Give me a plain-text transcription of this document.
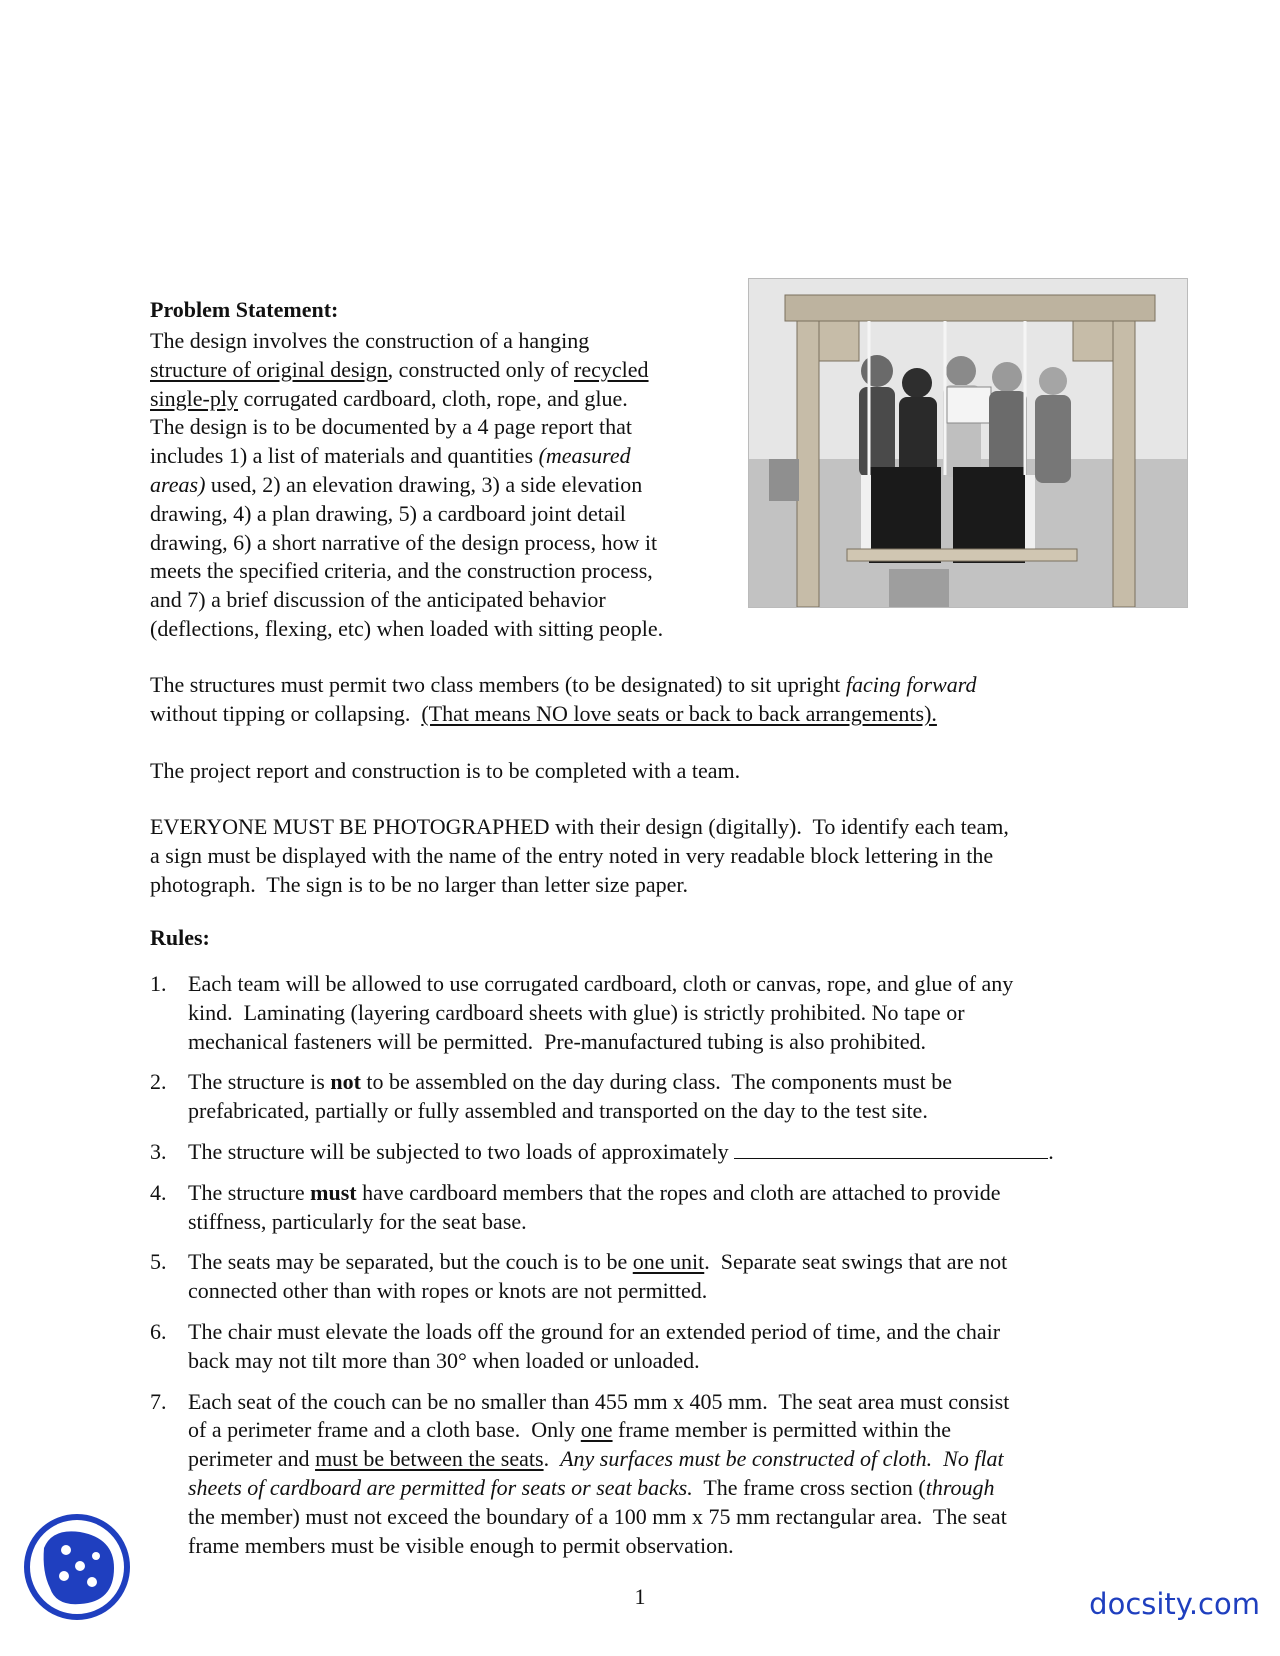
Problem Statement:

The design involves the construction of a hanging
structure of original design, constructed only of recycled
single-ply corrugated cardboard, cloth, rope, and glue.
The design is to be documented by a 4 page report that
includes 1) a list of materials and quantities (measured
areas) used, 2) an elevation drawing, 3) a side elevation
drawing, 4) a plan drawing, 5) a cardboard joint detail
drawing, 6) a short narrative of the design process, how it
meets the specified criteria, and the construction process,
and 7) a brief discussion of the anticipated behavior
(deflections, flexing, etc) when loaded with sitting people.
The structures must permit two class members (to be designated) to sit upright facing forward
without tipping or collapsing.  (That means NO love seats or back to back arrangements).
The project report and construction is to be completed with a team.
EVERYONE MUST BE PHOTOGRAPHED with their design (digitally).  To identify each team,
a sign must be displayed with the name of the entry noted in very readable block lettering in the
photograph.  The sign is to be no larger than letter size paper.

Rules:

1. Each team will be allowed to use corrugated cardboard, cloth or canvas, rope, and glue of any
kind.  Laminating (layering cardboard sheets with glue) is strictly prohibited. No tape or
mechanical fasteners will be permitted.  Pre-manufactured tubing is also prohibited.
2. The structure is not to be assembled on the day during class.  The components must be
prefabricated, partially or fully assembled and transported on the day to the test site.
3. The structure will be subjected to two loads of approximately	.
4. The structure must have cardboard members that the ropes and cloth are attached to provide
stiffness, particularly for the seat base.
5. The seats may be separated, but the couch is to be one unit.  Separate seat swings that are not
connected other than with ropes or knots are not permitted.
6. The chair must elevate the loads off the ground for an extended period of time, and the chair
back may not tilt more than 30° when loaded or unloaded.
7. Each seat of the couch can be no smaller than 455 mm x 405 mm.  The seat area must consist
of a perimeter frame and a cloth base.  Only one frame member is permitted within the
perimeter and must be between the seats.  Any surfaces must be constructed of cloth.  No flat
sheets of cardboard are permitted for seats or seat backs.  The frame cross section (through
the member) must not exceed the boundary of a 100 mm x 75 mm rectangular area.  The seat
frame members must be visible enough to permit observation.
1	docsity.com
